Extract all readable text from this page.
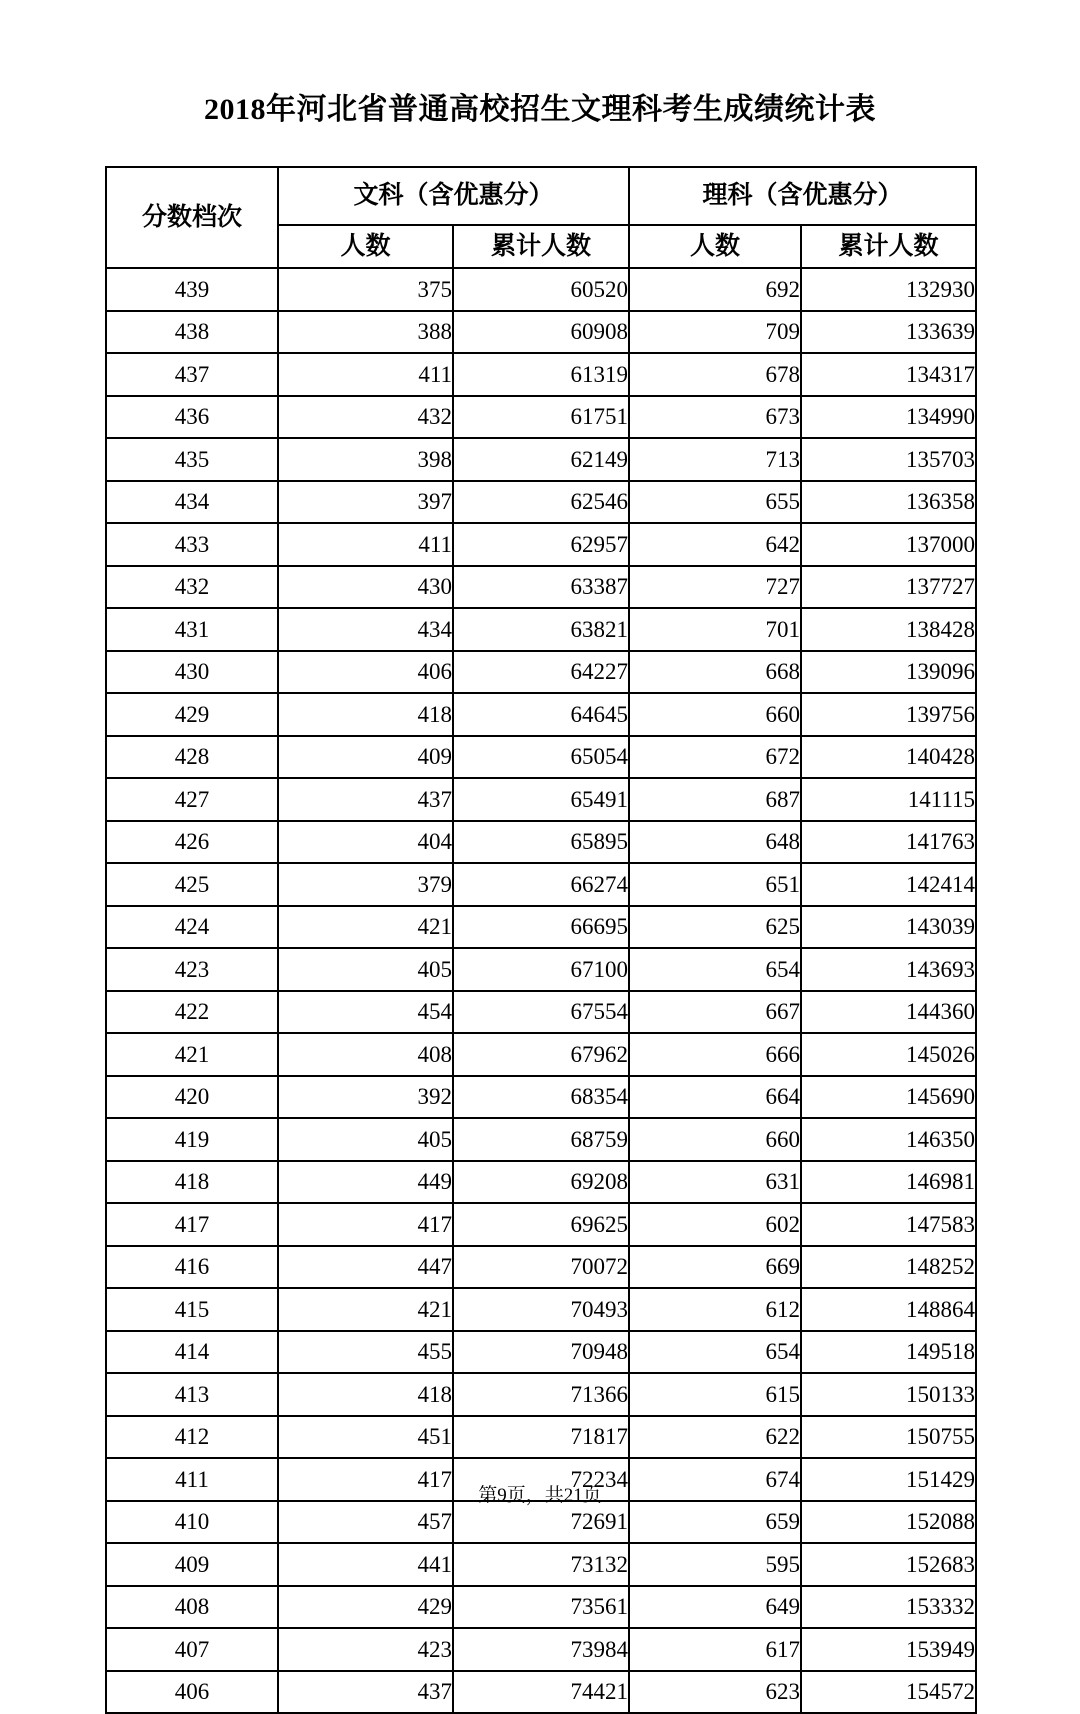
2018年河北省普通高校招生文理科考生成绩统计表
分数档次	文科（含优惠分）		理科（含优惠分）	
	人数	累计人数	人数	累计人数
439	375	60520	692	132930
438	388	60908	709	133639
437	411	61319	678	134317
436	432	61751	673	134990
435	398	62149	713	135703
434	397	62546	655	136358
433	411	62957	642	137000
432	430	63387	727	137727
431	434	63821	701	138428
430	406	64227	668	139096
429	418	64645	660	139756
428	409	65054	672	140428
427	437	65491	687	141115
426	404	65895	648	141763
425	379	66274	651	142414
424	421	66695	625	143039
423	405	67100	654	143693
422	454	67554	667	144360
421	408	67962	666	145026
420	392	68354	664	145690
419	405	68759	660	146350
418	449	69208	631	146981
417	417	69625	602	147583
416	447	70072	669	148252
415	421	70493	612	148864
414	455	70948	654	149518
413	418	71366	615	150133
412	451	71817	622	150755
411	417	72234	674	151429
410	457	72691	659	152088
409	441	73132	595	152683
408	429	73561	649	153332
407	423	73984	617	153949
406	437	74421	623	154572
第9页，共21页
